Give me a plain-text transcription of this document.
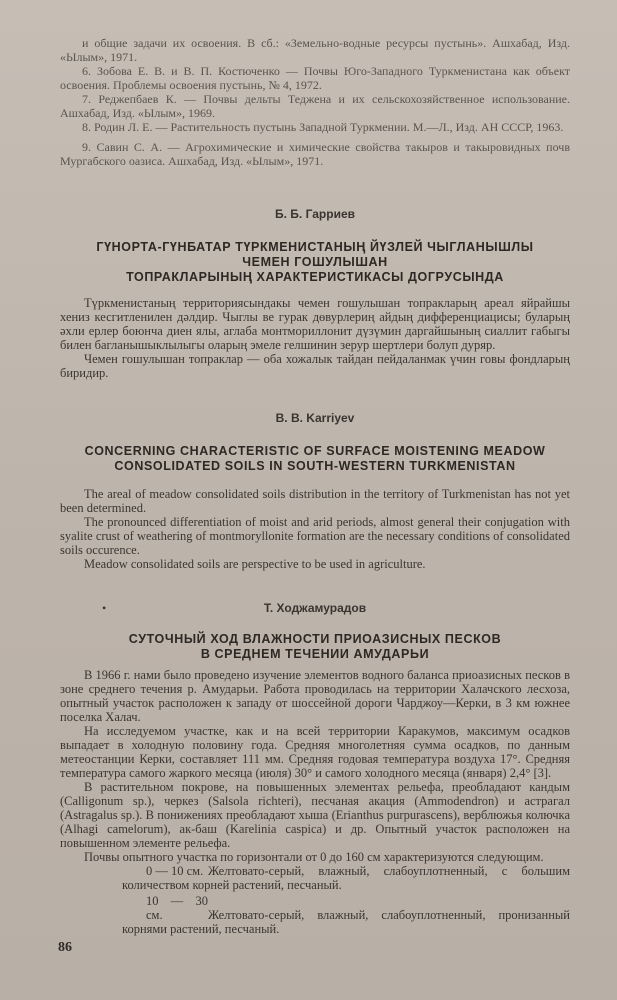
и общие задачи их освоения. В сб.: «Земельно-водные ресурсы пустынь». Ашхабад, Изд. «Ылым», 1971.

6. Зобова Е. В. и В. П. Костюченко — Почвы Юго-Западного Туркменистана как объект освоения. Проблемы освоения пустынь, № 4, 1972.

7. Реджепбаев К. — Почвы дельты Теджена и их сельскохозяйственное использование. Ашхабад, Изд. «Ылым», 1969.

8. Родин Л. Е. — Растительность пустынь Западной Туркмении. М.—Л., Изд. АН СССР, 1963.

9. Савин С. А. — Агрохимические и химические свойства такыров и такыровидных почв Мургабского оазиса. Ашхабад, Изд. «Ылым», 1971.

Б. Б. Гарриев
ГҮНОРТА-ГҮНБАТАР ТҮРКМЕНИСТАНЫҢ ЙҮЗЛЕЙ ЧЫГЛАНЫШЛЫ
ЧЕМЕН ГОШУЛЫШАН
ТОПРАКЛАРЫНЫҢ ХАРАКТЕРИСТИКАСЫ ДОГРУСЫНДА

Түркменистаның территориясындакы чемен гошулышан топракларың ареал яйрайшы хениз кесгитленилен дәлдир. Чыглы ве гурак дөвурлериң айдың дифференциацисы; буларың әхли ерлер боюнча диен ялы, аглаба монтмориллонит дүзүмин даргайшының сиаллит габыгы билен багланышыклылыгы оларың эмеле гелшинин зерур шертлери болуп дуряр.

Чемен гошулышан топраклар — оба хожалык тайдан пейдаланмак үчин говы фондларың биридир.

B. B. Karriyev
CONCERNING CHARACTERISTIC OF SURFACE MOISTENING MEADOW
CONSOLIDATED SOILS IN SOUTH-WESTERN TURKMENISTAN

The areal of meadow consolidated soils distribution in the territory of Turkmenistan has not yet been determined.

The pronounced differentiation of moist and arid periods, almost general their conjugation with syalite crust of weathering of montmoryllonite formation are the necessary conditions of consolidated soils occurence.

Meadow consolidated soils are perspective to be used in agriculture.

•	Т. Ходжамурадов
СУТОЧНЫЙ ХОД ВЛАЖНОСТИ ПРИОАЗИСНЫХ ПЕСКОВ
В СРЕДНЕМ ТЕЧЕНИИ АМУДАРЬИ

В 1966 г. нами было проведено изучение элементов водного баланса приоазисных песков в зоне среднего течения р. Амударьи. Работа проводилась на территории Халачского лесхоза, опытный участок расположен к западу от шоссейной дороги Чарджоу—Керки, в 3 км южнее поселка Халач.

На исследуемом участке, как и на всей территории Каракумов, максимум осадков выпадает в холодную половину года. Средняя многолетняя сумма осадков, по данным метеостанции Керки, составляет 111 мм. Средняя годовая температура воздуха 17°. Средняя температура самого жаркого месяца (июля) 30° и самого холодного месяца (января) 2,4° [3].

В растительном покрове, на повышенных элементах рельефа, преобладают кандым (Calligonum sp.), черкез (Salsola richteri), песчаная акация (Ammodendron) и астрагал (Astragalus sp.). В понижениях преобладают хыша (Erianthus purpurascens), верблюжья колючка (Alhagi camelorum), ак-баш (Karelinia caspica) и др. Опытный участок расположен на повышенном элементе рельефа.

Почвы опытного участка по горизонтали от 0 до 160 см характеризуются следующим.

0 — 10 см. Желтовато-серый, влажный, слабоуплотненный, с большим количеством корней растений, песчаный.

10 — 30 см.	Желтовато-серый, влажный, слабоуплотненный, пронизанный корнями растений, песчаный.

86
